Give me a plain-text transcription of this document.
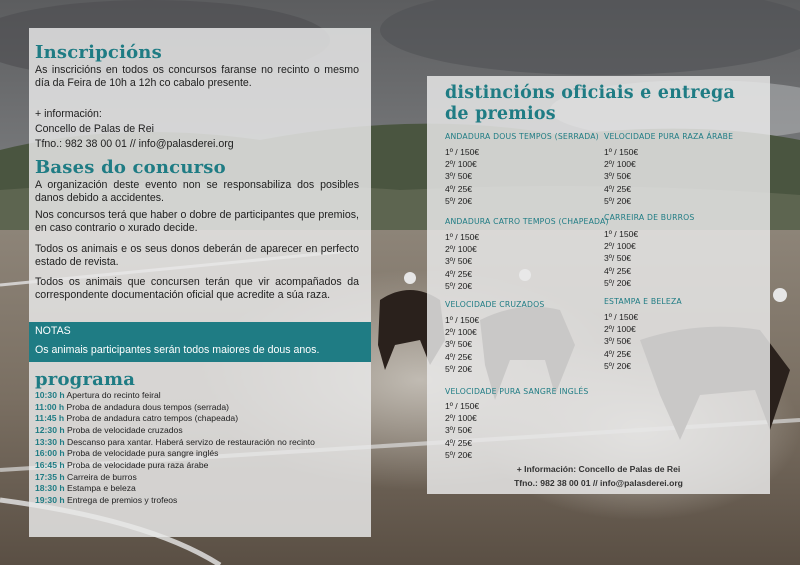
Inscripcións
As inscricións en todos os concursos faranse no recinto o mesmo día da Feira de 10h a 12h co cabalo presente.
+ información:
Concello de Palas de Rei
Tfno.: 982 38 00 01 // info@palasderei.org
Bases do concurso
A organización deste evento non se responsabiliza dos posibles danos debido a accidentes.
Nos concursos terá que haber o dobre de participantes que premios, en caso contrario o xurado decide.
Todos os animais e os seus donos deberán de aparecer en perfecto estado de revista.
Todos os animais que concursen terán que vir acompañados da correspondente documentación oficial que acredite a súa raza.
NOTAS
Os animais participantes serán todos maiores de dous anos.
programa
10:30 h Apertura do recinto feiral
11:00 h Proba de andadura dous tempos (serrada)
11:45 h Proba de andadura catro tempos (chapeada)
12:30 h Proba de velocidade cruzados
13:30 h Descanso para xantar. Haberá servizo de restauración no recinto
16:00 h Proba de velocidade pura sangre inglés
16:45 h Proba de velocidade pura raza árabe
17:35 h Carreira de burros
18:30 h Estampa e beleza
19:30 h Entrega de premios y trofeos
distincións oficiais e entrega
de premios
ANDADURA DOUS TEMPOS (SERRADA)
1º / 150€
2º/ 100€
3º/ 50€
4º/ 25€
5º/ 20€
VELOCIDADE PURA RAZA ÁRABE
1º / 150€
2º/ 100€
3º/ 50€
4º/ 25€
5º/ 20€
ANDADURA CATRO TEMPOS (CHAPEADA)
1º / 150€
2º/ 100€
3º/ 50€
4º/ 25€
5º/ 20€
CARREIRA DE BURROS
1º / 150€
2º/ 100€
3º/ 50€
4º/ 25€
5º/ 20€
VELOCIDADE CRUZADOS
1º / 150€
2º/ 100€
3º/ 50€
4º/ 25€
5º/ 20€
ESTAMPA E BELEZA
1º / 150€
2º/ 100€
3º/ 50€
4º/ 25€
5º/ 20€
VELOCIDADE PURA SANGRE INGLÉS
1º / 150€
2º/ 100€
3º/ 50€
4º/ 25€
5º/ 20€
+ Información: Concello de Palas de Rei
Tfno.: 982 38 00 01 // info@palasderei.org
